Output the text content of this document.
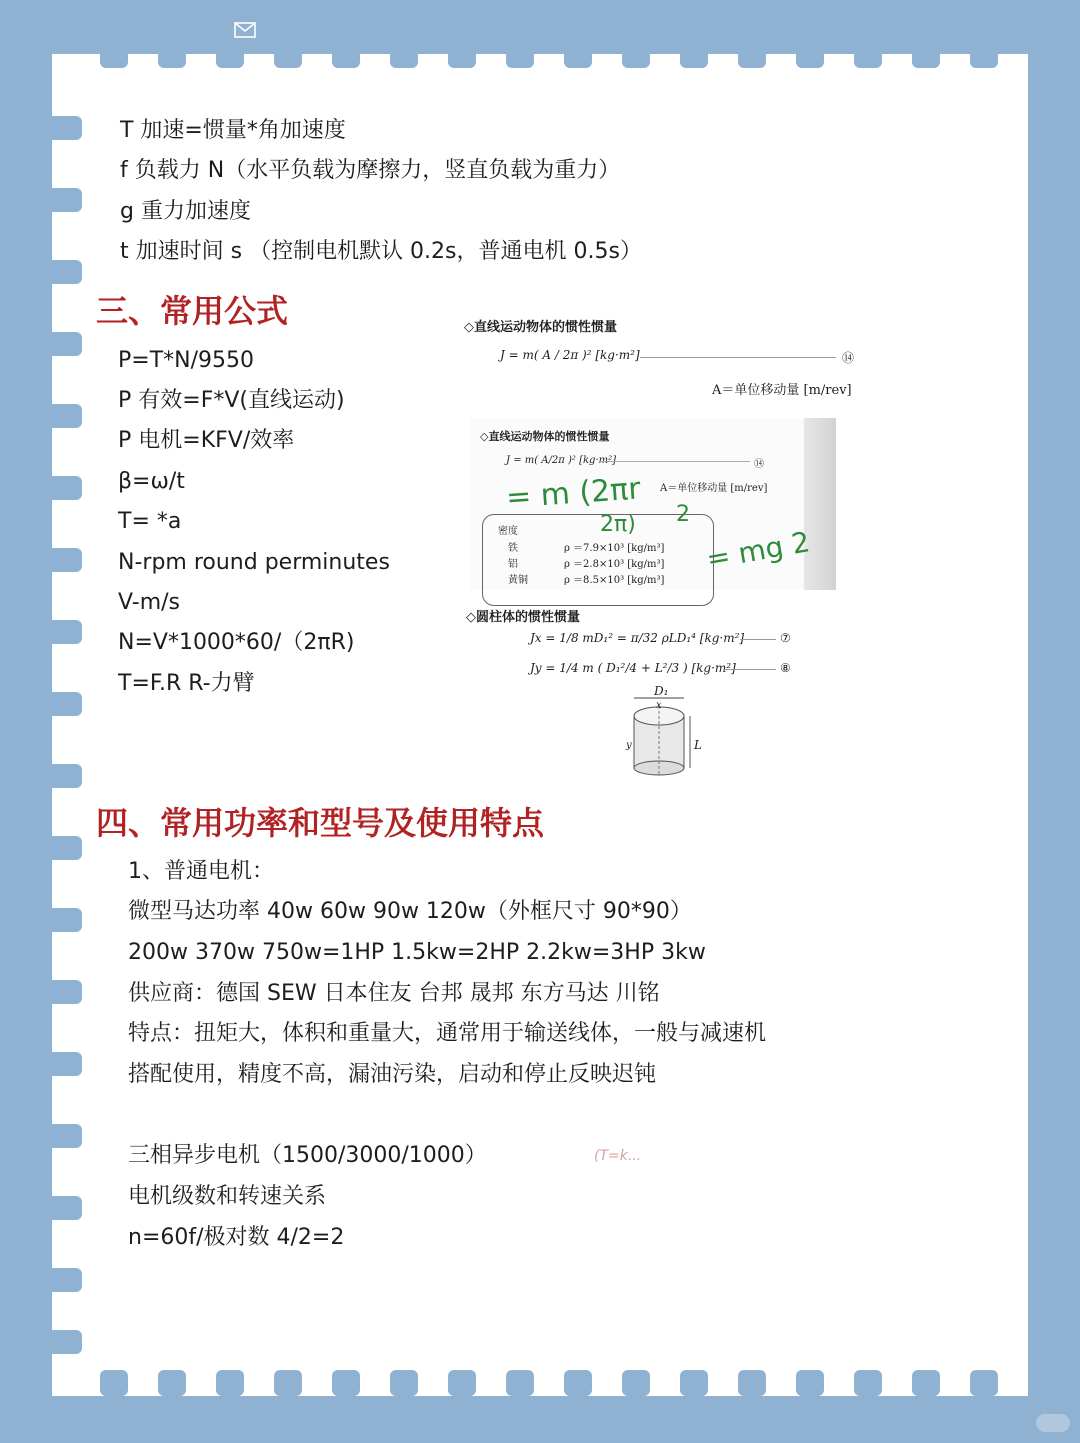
T 加速=惯量*角加速度
f 负载力 N（水平负载为摩擦力，竖直负载为重力）
g 重力加速度
t 加速时间 s （控制电机默认 0.2s，普通电机 0.5s）
三、常用公式
P=T*N/9550
P 有效=F*V(直线运动)
P 电机=KFV/效率
β=ω/t
T= *a
N-rpm round perminutes
V-m/s
N=V*1000*60/（2πR)
T=F.R R-力臂
◇直线运动物体的惯性惯量
J = m( A / 2π )² [kg·m²]	⑭
A＝单位移动量 [m/rev]
◇直线运动物体的惯性惯量
J = m( A/2π )² [kg·m²]	⑭
A＝单位移动量 [m/rev]
密度
铁	ρ ＝7.9×10³ [kg/m³]
铝	ρ ＝2.8×10³ [kg/m³]
黄铜	ρ ＝8.5×10³ [kg/m³]
= m (2πr
2π) 2
= mg 2
◇圆柱体的惯性惯量
Jx = 1/8 mD₁² = π/32 ρLD₁⁴ [kg·m²]	⑦
Jy = 1/4 m ( D₁²/4 + L²/3 ) [kg·m²]	⑧
D₁
x
y	L
四、常用功率和型号及使用特点
1、普通电机：
微型马达功率 40w 60w 90w 120w（外框尺寸 90*90）
200w 370w 750w=1HP 1.5kw=2HP 2.2kw=3HP 3kw
供应商：德国 SEW 日本住友 台邦 晟邦 东方马达 川铭
特点：扭矩大，体积和重量大，通常用于输送线体，一般与减速机
搭配使用，精度不高，漏油污染，启动和停止反映迟钝
三相异步电机（1500/3000/1000）
电机级数和转速关系
n=60f/极对数 4/2=2
(T=k...
